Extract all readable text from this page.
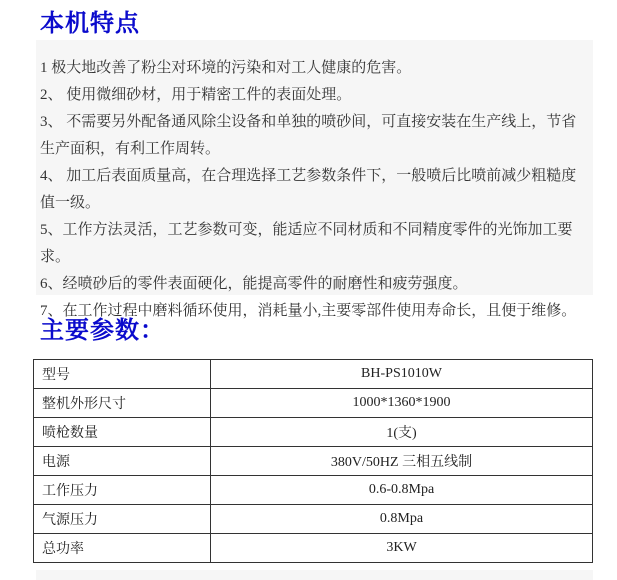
本机特点

1 极大地改善了粉尘对环境的污染和对工人健康的危害。

2、 使用微细砂材，用于精密工件的表面处理。

3、 不需要另外配备通风除尘设备和单独的喷砂间，可直接安装在生产线上，节省生产面积，有利工作周转。

4、 加工后表面质量高，在合理选择工艺参数条件下，一般喷后比喷前减少粗糙度值一级。

5、工作方法灵活，工艺参数可变，能适应不同材质和不同精度零件的光饰加工要求。

6、经喷砂后的零件表面硬化，能提高零件的耐磨性和疲劳强度。

7、在工作过程中磨料循环使用，消耗量小,主要零部件使用寿命长，且便于维修。

主要参数：
型号	BH-PS1010W
整机外形尺寸	1000*1360*1900
喷枪数量	1(支)
电源	380V/50HZ 三相五线制
工作压力	0.6-0.8Mpa
气源压力	0.8Mpa
总功率	3KW
